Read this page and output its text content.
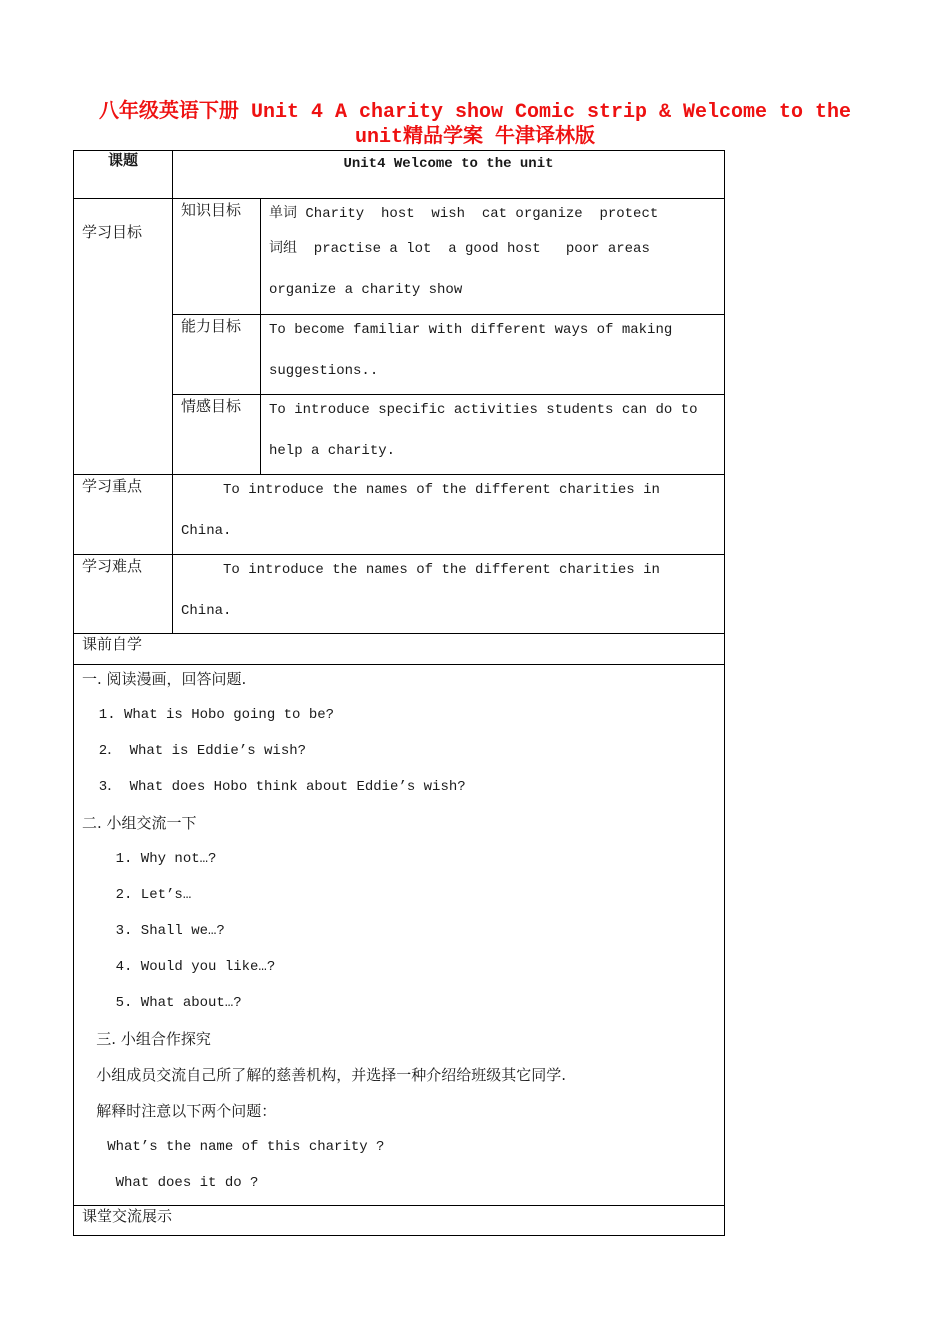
八年级英语下册 Unit 4 A charity show Comic strip & Welcome to the
unit精品学案 牛津译林版
课题	Unit4 Welcome to the unit
学习目标
知识目标	单词 Charity  host  wish  cat organize  protect
词组  practise a lot  a good host   poor areas
organize a charity show
能力目标	To become familiar with different ways of making
suggestions..
情感目标	To introduce specific activities students can do to
help a charity.
学习重点	To introduce the names of the different charities in
China.
学习难点	To introduce the names of the different charities in
China.
课前自学
一. 阅读漫画，回答问题.
1. What is Hobo going to be?
2． What is Eddie’s wish?
3． What does Hobo think about Eddie’s wish?
二. 小组交流一下
1. Why not…?
2. Let’s…
3. Shall we…?
4. Would you like…?
5. What about…?
三. 小组合作探究
小组成员交流自己所了解的慈善机构，并选择一种介绍给班级其它同学.
解释时注意以下两个问题：
What’s the name of this charity ?
What does it do ?
课堂交流展示
